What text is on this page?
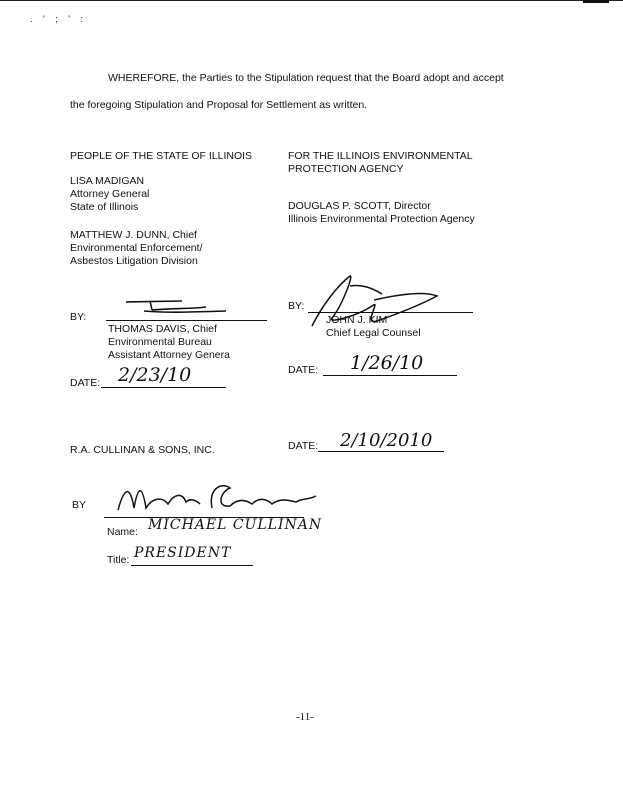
. ' ; ' :
WHEREFORE, the Parties to the Stipulation request that the Board adopt and accept
the foregoing Stipulation and Proposal for Settlement as written.
PEOPLE OF THE STATE OF ILLINOIS
LISA MADIGAN
Attorney General
State of Illinois
MATTHEW J. DUNN, Chief
Environmental Enforcement/
Asbestos Litigation Division
BY:
THOMAS DAVIS, Chief
Environmental Bureau
Assistant Attorney Genera
DATE: 2/23/10
FOR THE ILLINOIS ENVIRONMENTAL
PROTECTION AGENCY
DOUGLAS P. SCOTT, Director
Illinois Environmental Protection Agency
BY:
JOHN J. KIM
Chief Legal Counsel
DATE: 1/26/10
R.A. CULLINAN & SONS, INC.	DATE: 2/10/2010
BY
Name: MICHAEL CULLINAN
Title: PRESIDENT
-11-
